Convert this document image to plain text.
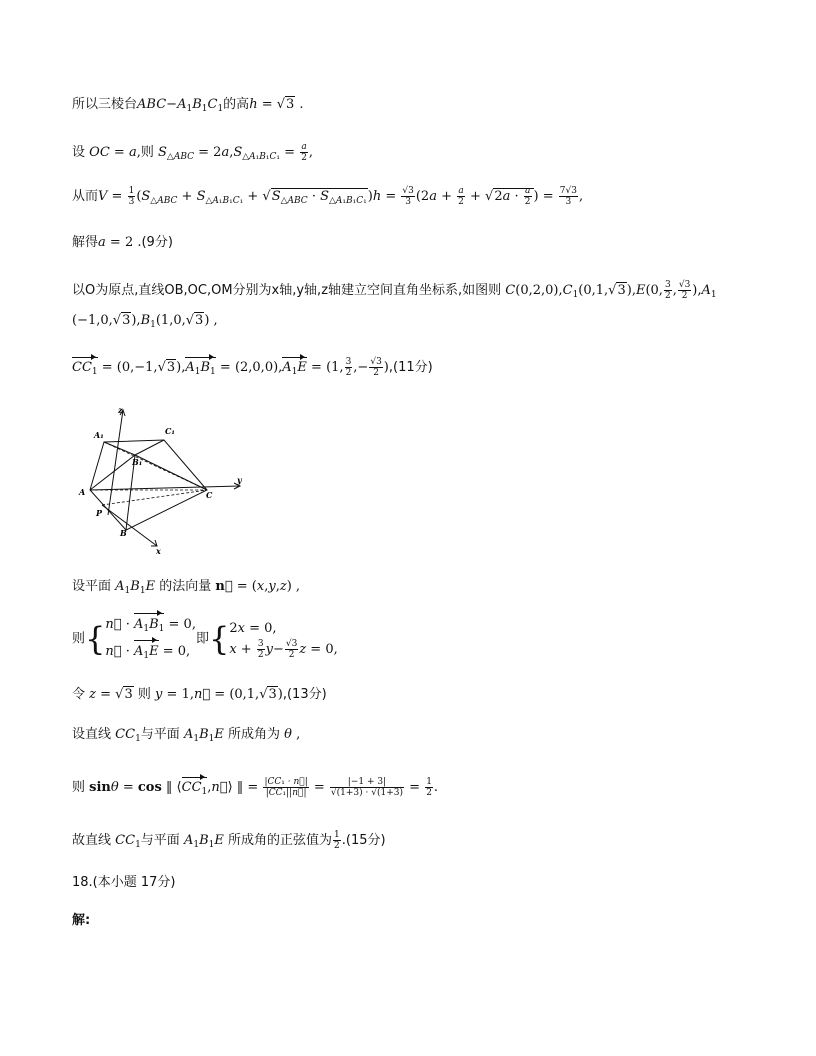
所以三棱台$ABC-A_1B_1C_1$的高h = √3 .
设 OC = a,则 $S_{\triangle ABC} = 2a,S_{\triangle A_1B_1C_1} = \frac{a}{2}$ ,
从而$V = \frac{1}{3} (S_{\triangle ABC} + S_{\triangle A_1B_1C_1} + √S_{\triangle ABC} \cdot S_{\triangle A_1B_1C_1})h = \frac{√3}{3} (2a + \frac{a}{2} + √2a \cdot \frac{a}{2}$ ) = $\frac{7√3}{3}$ ,
解得a = 2 .(9分)
以O为原点,直线OB,OC,OM分别为x轴,y轴,z轴建立空间直角坐标系,如图则 $C(0,2,0),C_1(0,1,√3),E(0$, $\frac{3}{2}$ , $\frac{√3}{2} ),A_1$
$(-1,0,√3),B_1(1,0,√3)$ ,
$CC_1 = (0,-1,√3),A_1B_1 = (2,0,0),A_1E = (1$, $\frac{3}{2}$ ,− $\frac{√3}{2} ),(11$分)
z
A₁	C₁
B₁
A	C
y
P
B
x
设平面 $A_1B_1E$ 的法向量 n⃗ = (x,y,z) ,
则{n⃗ · $A_1B_1 = 0$,
n⃗ · $A_1E = 0$,即{2x = 0,
$x + \frac{3}{2} y- \frac{√3}{2}$ z = 0,
令 z = √3 则 y = 1,n⃗ = (0,1,√3),(13分)
设直线 $CC_1$与平面 $A_1B_1E$ 所成角为 θ ,
则 sinθ = cos ‖ $⟨CC_1,n⃗⟩$ ‖ = $\frac{\text{|CC₁ · n⃗|}}{\text{|CC₁||n⃗|}} = \frac{|-1 + 3|}{√(1+3) \cdot √(1+3)} = \frac{1}{2}$ .
故直线 $CC_1$与平面 $A_1B_1E$ 所成角的正弦值为 $\frac{1}{2} .(15$分)
18.(本小题 17分)
解:
